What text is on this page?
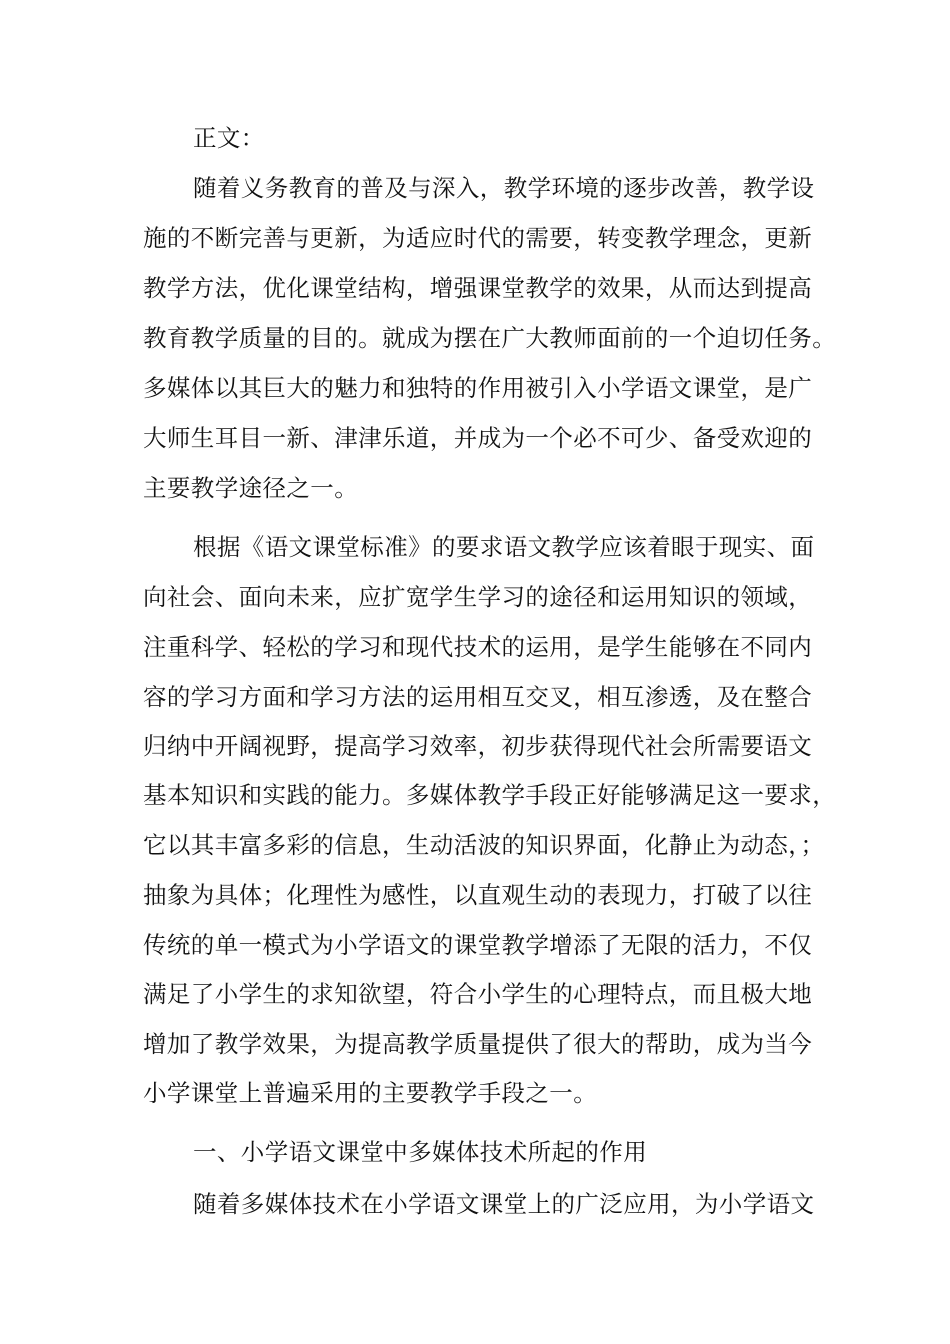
正文：
随着义务教育的普及与深入，教学环境的逐步改善，教学设
施的不断完善与更新，为适应时代的需要，转变教学理念，更新
教学方法，优化课堂结构，增强课堂教学的效果，从而达到提高
教育教学质量的目的。就成为摆在广大教师面前的一个迫切任务。
多媒体以其巨大的魅力和独特的作用被引入小学语文课堂，是广
大师生耳目一新、津津乐道，并成为一个必不可少、备受欢迎的
主要教学途径之一。
根据《语文课堂标准》的要求语文教学应该着眼于现实、面
向社会、面向未来，应扩宽学生学习的途径和运用知识的领域，
注重科学、轻松的学习和现代技术的运用，是学生能够在不同内
容的学习方面和学习方法的运用相互交叉，相互渗透，及在整合
归纳中开阔视野，提高学习效率，初步获得现代社会所需要语文
基本知识和实践的能力。多媒体教学手段正好能够满足这一要求，
它以其丰富多彩的信息，生动活波的知识界面，化静止为动态，；
抽象为具体；化理性为感性，以直观生动的表现力，打破了以往
传统的单一模式为小学语文的课堂教学增添了无限的活力，不仅
满足了小学生的求知欲望，符合小学生的心理特点，而且极大地
增加了教学效果，为提高教学质量提供了很大的帮助，成为当今
小学课堂上普遍采用的主要教学手段之一。
一、小学语文课堂中多媒体技术所起的作用
随着多媒体技术在小学语文课堂上的广泛应用，为小学语文
